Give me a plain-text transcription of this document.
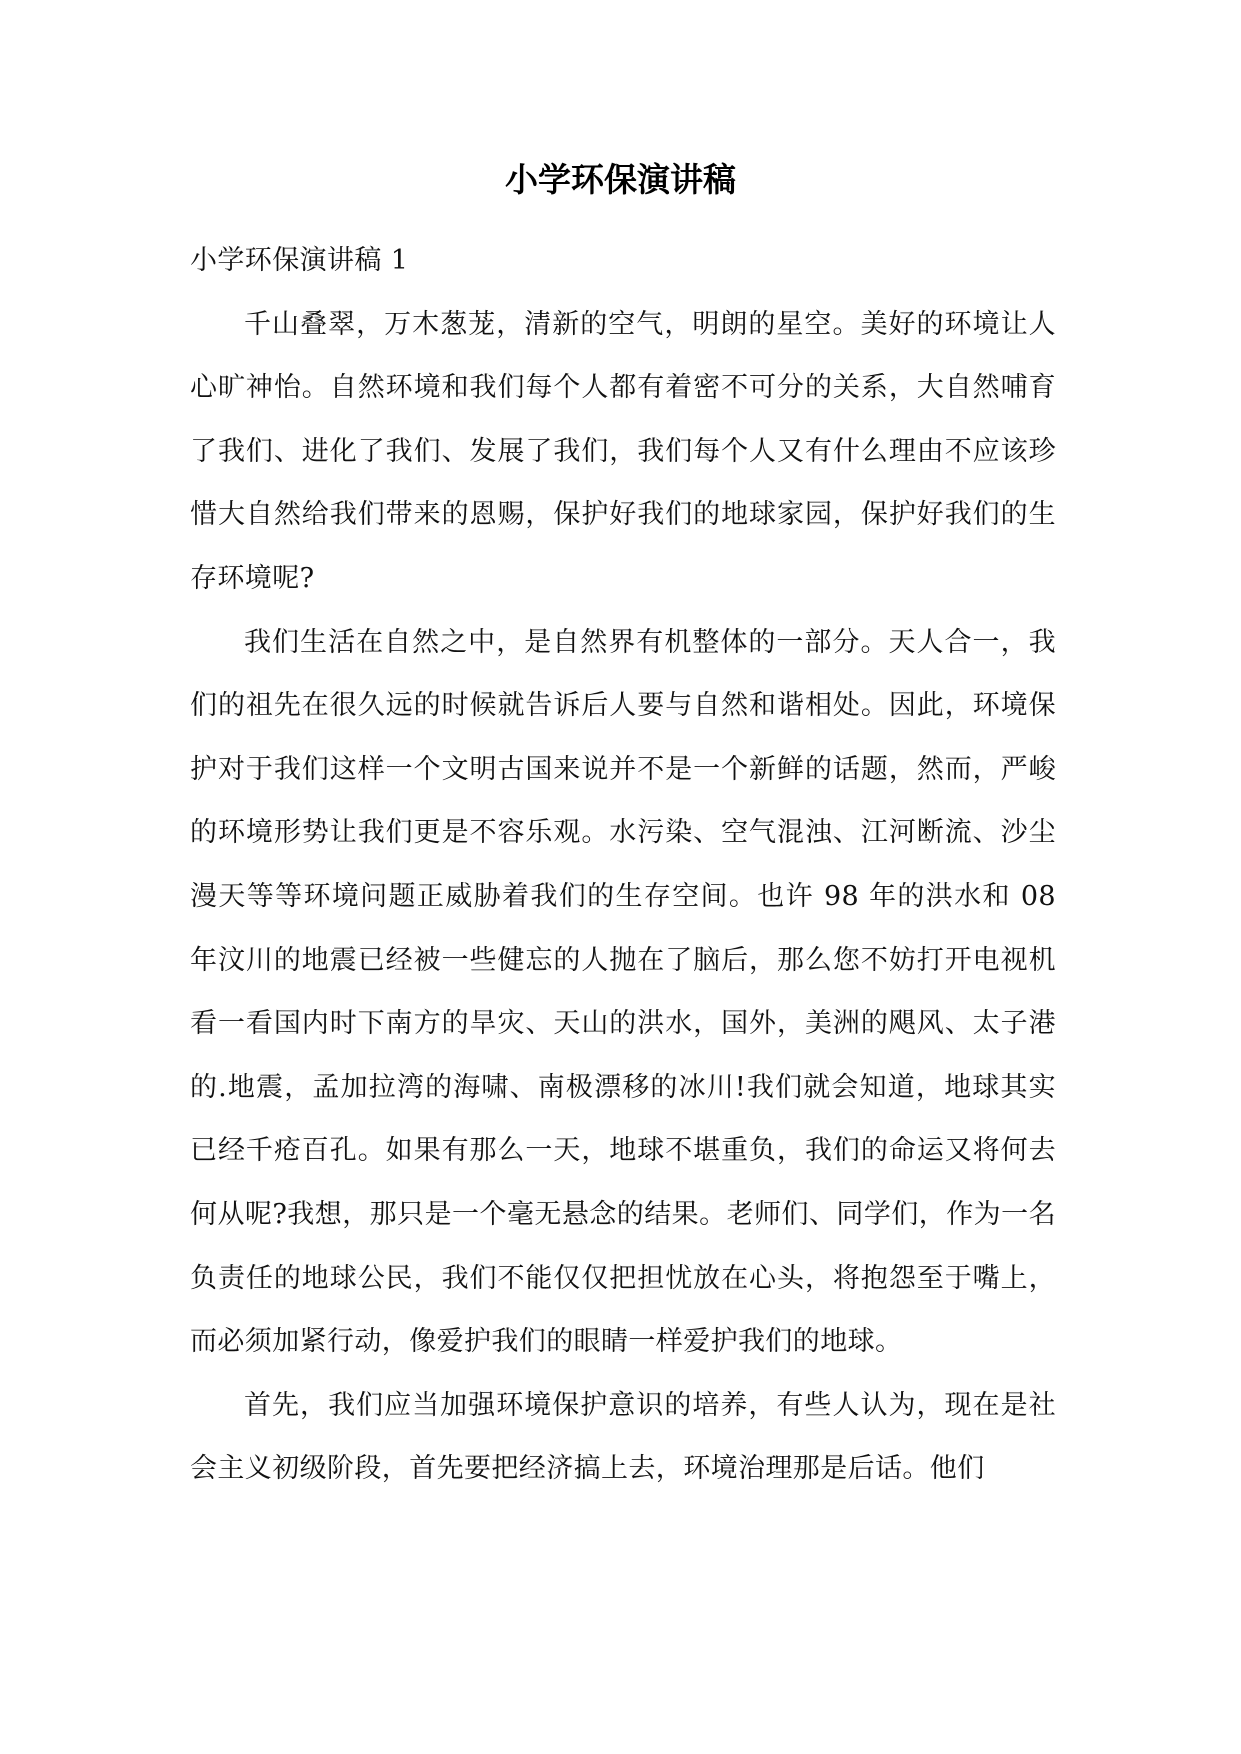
小学环保演讲稿

小学环保演讲稿 1

千山叠翠，万木葱茏，清新的空气，明朗的星空。美好的环境让人心旷神怡。自然环境和我们每个人都有着密不可分的关系，大自然哺育了我们、进化了我们、发展了我们，我们每个人又有什么理由不应该珍惜大自然给我们带来的恩赐，保护好我们的地球家园，保护好我们的生存环境呢?

我们生活在自然之中，是自然界有机整体的一部分。天人合一，我们的祖先在很久远的时候就告诉后人要与自然和谐相处。因此，环境保护对于我们这样一个文明古国来说并不是一个新鲜的话题，然而，严峻的环境形势让我们更是不容乐观。水污染、空气混浊、江河断流、沙尘漫天等等环境问题正威胁着我们的生存空间。也许 98 年的洪水和 08 年汶川的地震已经被一些健忘的人抛在了脑后，那么您不妨打开电视机看一看国内时下南方的旱灾、天山的洪水，国外，美洲的飓风、太子港的.地震，孟加拉湾的海啸、南极漂移的冰川!我们就会知道，地球其实已经千疮百孔。如果有那么一天，地球不堪重负，我们的命运又将何去何从呢?我想，那只是一个毫无悬念的结果。老师们、同学们，作为一名负责任的地球公民，我们不能仅仅把担忧放在心头，将抱怨至于嘴上，而必须加紧行动，像爱护我们的眼睛一样爱护我们的地球。

首先，我们应当加强环境保护意识的培养，有些人认为，现在是社会主义初级阶段，首先要把经济搞上去，环境治理那是后话。他们
